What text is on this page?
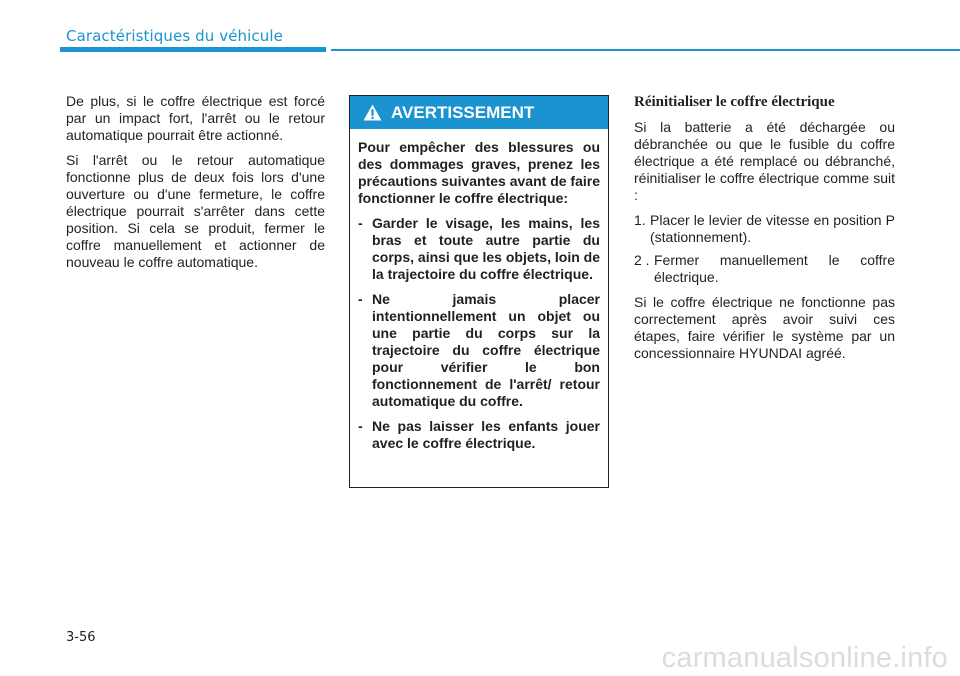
Caractéristiques du véhicule

De plus, si le coffre électrique est forcé par un impact fort, l'arrêt ou le retour automatique pourrait être actionné.

Si l'arrêt ou le retour automatique fonctionne plus de deux fois lors d'une ouverture ou d'une fermeture, le coffre électrique pourrait s'arrêter dans cette position. Si cela se produit, fermer le coffre manuellement et actionner de nouveau le coffre automatique.

AVERTISSEMENT

Pour empêcher des blessures ou des dommages graves, prenez les précautions suivantes avant de faire fonctionner le coffre électrique:

- Garder le visage, les mains, les bras et toute autre partie du corps, ainsi que les objets, loin de la trajectoire du coffre électrique.
- Ne jamais placer intentionnellement un objet ou une partie du corps sur la trajectoire du coffre électrique pour vérifier le bon fonctionnement de l'arrêt/ retour automatique du coffre.
- Ne pas laisser les enfants jouer avec le coffre électrique.
Réinitialiser le coffre électrique

Si la batterie a été déchargée ou débranchée ou que le fusible du coffre électrique a été remplacé ou débranché, réinitialiser le coffre électrique comme suit :

1. Placer le levier de vitesse en position P (stationnement).
2 . Fermer manuellement le coffre électrique.

Si le coffre électrique ne fonctionne pas correctement après avoir suivi ces étapes, faire vérifier le système par un concessionnaire HYUNDAI agréé.

3-56
carmanualsonline.info
